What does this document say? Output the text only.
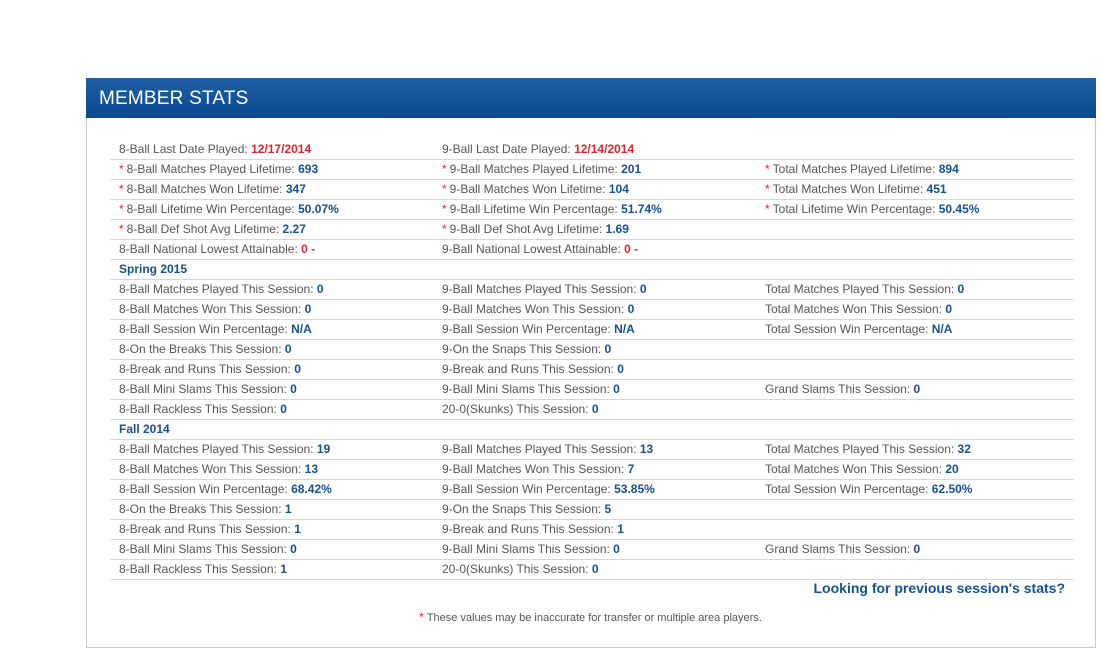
MEMBER STATS
8-Ball Last Date Played: 12/17/2014	9-Ball Last Date Played: 12/14/2014
* 8-Ball Matches Played Lifetime: 693	* 9-Ball Matches Played Lifetime: 201	* Total Matches Played Lifetime: 894
* 8-Ball Matches Won Lifetime: 347	* 9-Ball Matches Won Lifetime: 104	* Total Matches Won Lifetime: 451
* 8-Ball Lifetime Win Percentage: 50.07%	* 9-Ball Lifetime Win Percentage: 51.74%	* Total Lifetime Win Percentage: 50.45%
* 8-Ball Def Shot Avg Lifetime: 2.27	* 9-Ball Def Shot Avg Lifetime: 1.69
8-Ball National Lowest Attainable: 0 -	9-Ball National Lowest Attainable: 0 -
Spring 2015
8-Ball Matches Played This Session: 0	9-Ball Matches Played This Session: 0	Total Matches Played This Session: 0
8-Ball Matches Won This Session: 0	9-Ball Matches Won This Session: 0	Total Matches Won This Session: 0
8-Ball Session Win Percentage: N/A	9-Ball Session Win Percentage: N/A	Total Session Win Percentage: N/A
8-On the Breaks This Session: 0	9-On the Snaps This Session: 0
8-Break and Runs This Session: 0	9-Break and Runs This Session: 0
8-Ball Mini Slams This Session: 0	9-Ball Mini Slams This Session: 0	Grand Slams This Session: 0
8-Ball Rackless This Session: 0	20-0(Skunks) This Session: 0
Fall 2014
8-Ball Matches Played This Session: 19	9-Ball Matches Played This Session: 13	Total Matches Played This Session: 32
8-Ball Matches Won This Session: 13	9-Ball Matches Won This Session: 7	Total Matches Won This Session: 20
8-Ball Session Win Percentage: 68.42%	9-Ball Session Win Percentage: 53.85%	Total Session Win Percentage: 62.50%
8-On the Breaks This Session: 1	9-On the Snaps This Session: 5
8-Break and Runs This Session: 1	9-Break and Runs This Session: 1
8-Ball Mini Slams This Session: 0	9-Ball Mini Slams This Session: 0	Grand Slams This Session: 0
8-Ball Rackless This Session: 1	20-0(Skunks) This Session: 0
Looking for previous session's stats?
* These values may be inaccurate for transfer or multiple area players.
